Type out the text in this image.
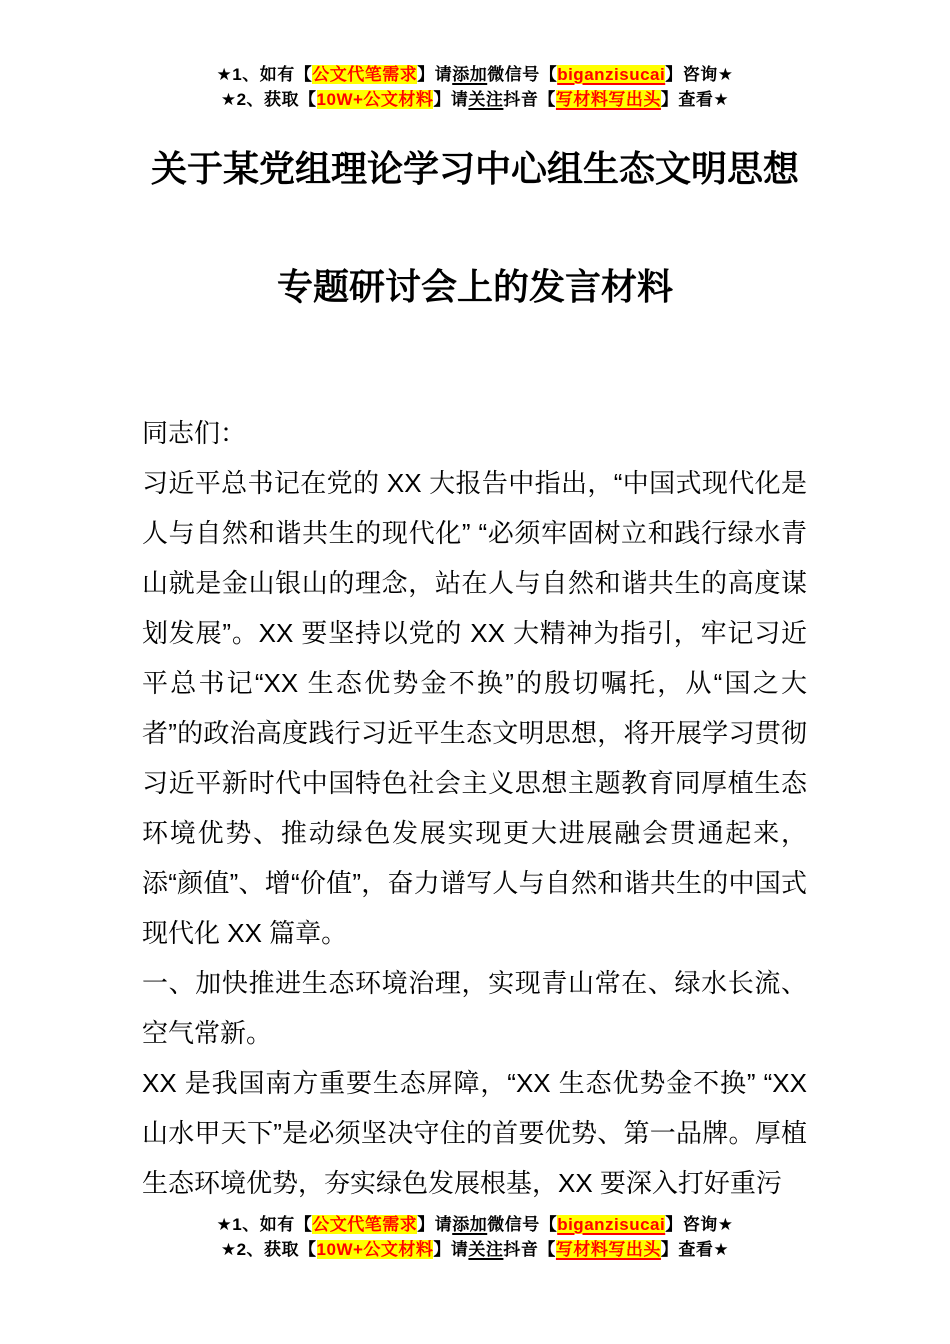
★1、如有【公文代笔需求】请添加微信号【biganzisucai】咨询★
★2、获取【10W+公文材料】请关注抖音【写材料写出头】查看★
关于某党组理论学习中心组生态文明思想
专题研讨会上的发言材料

同志们：

习近平总书记在党的 XX 大报告中指出，“中国式现代化是人与自然和谐共生的现代化” “必须牢固树立和践行绿水青山就是金山银山的理念，站在人与自然和谐共生的高度谋划发展”。XX 要坚持以党的 XX 大精神为指引，牢记习近平总书记“XX 生态优势金不换”的殷切嘱托，从“国之大者”的政治高度践行习近平生态文明思想，将开展学习贯彻习近平新时代中国特色社会主义思想主题教育同厚植生态环境优势、推动绿色发展实现更大进展融会贯通起来，添“颜值”、增“价值”，奋力谱写人与自然和谐共生的中国式现代化 XX 篇章。

一、加快推进生态环境治理，实现青山常在、绿水长流、空气常新。

XX 是我国南方重要生态屏障，“XX 生态优势金不换” “XX 山水甲天下”是必须坚决守住的首要优势、第一品牌。厚植生态环境优势，夯实绿色发展根基，XX 要深入打好重污

★1、如有【公文代笔需求】请添加微信号【biganzisucai】咨询★
★2、获取【10W+公文材料】请关注抖音【写材料写出头】查看★
